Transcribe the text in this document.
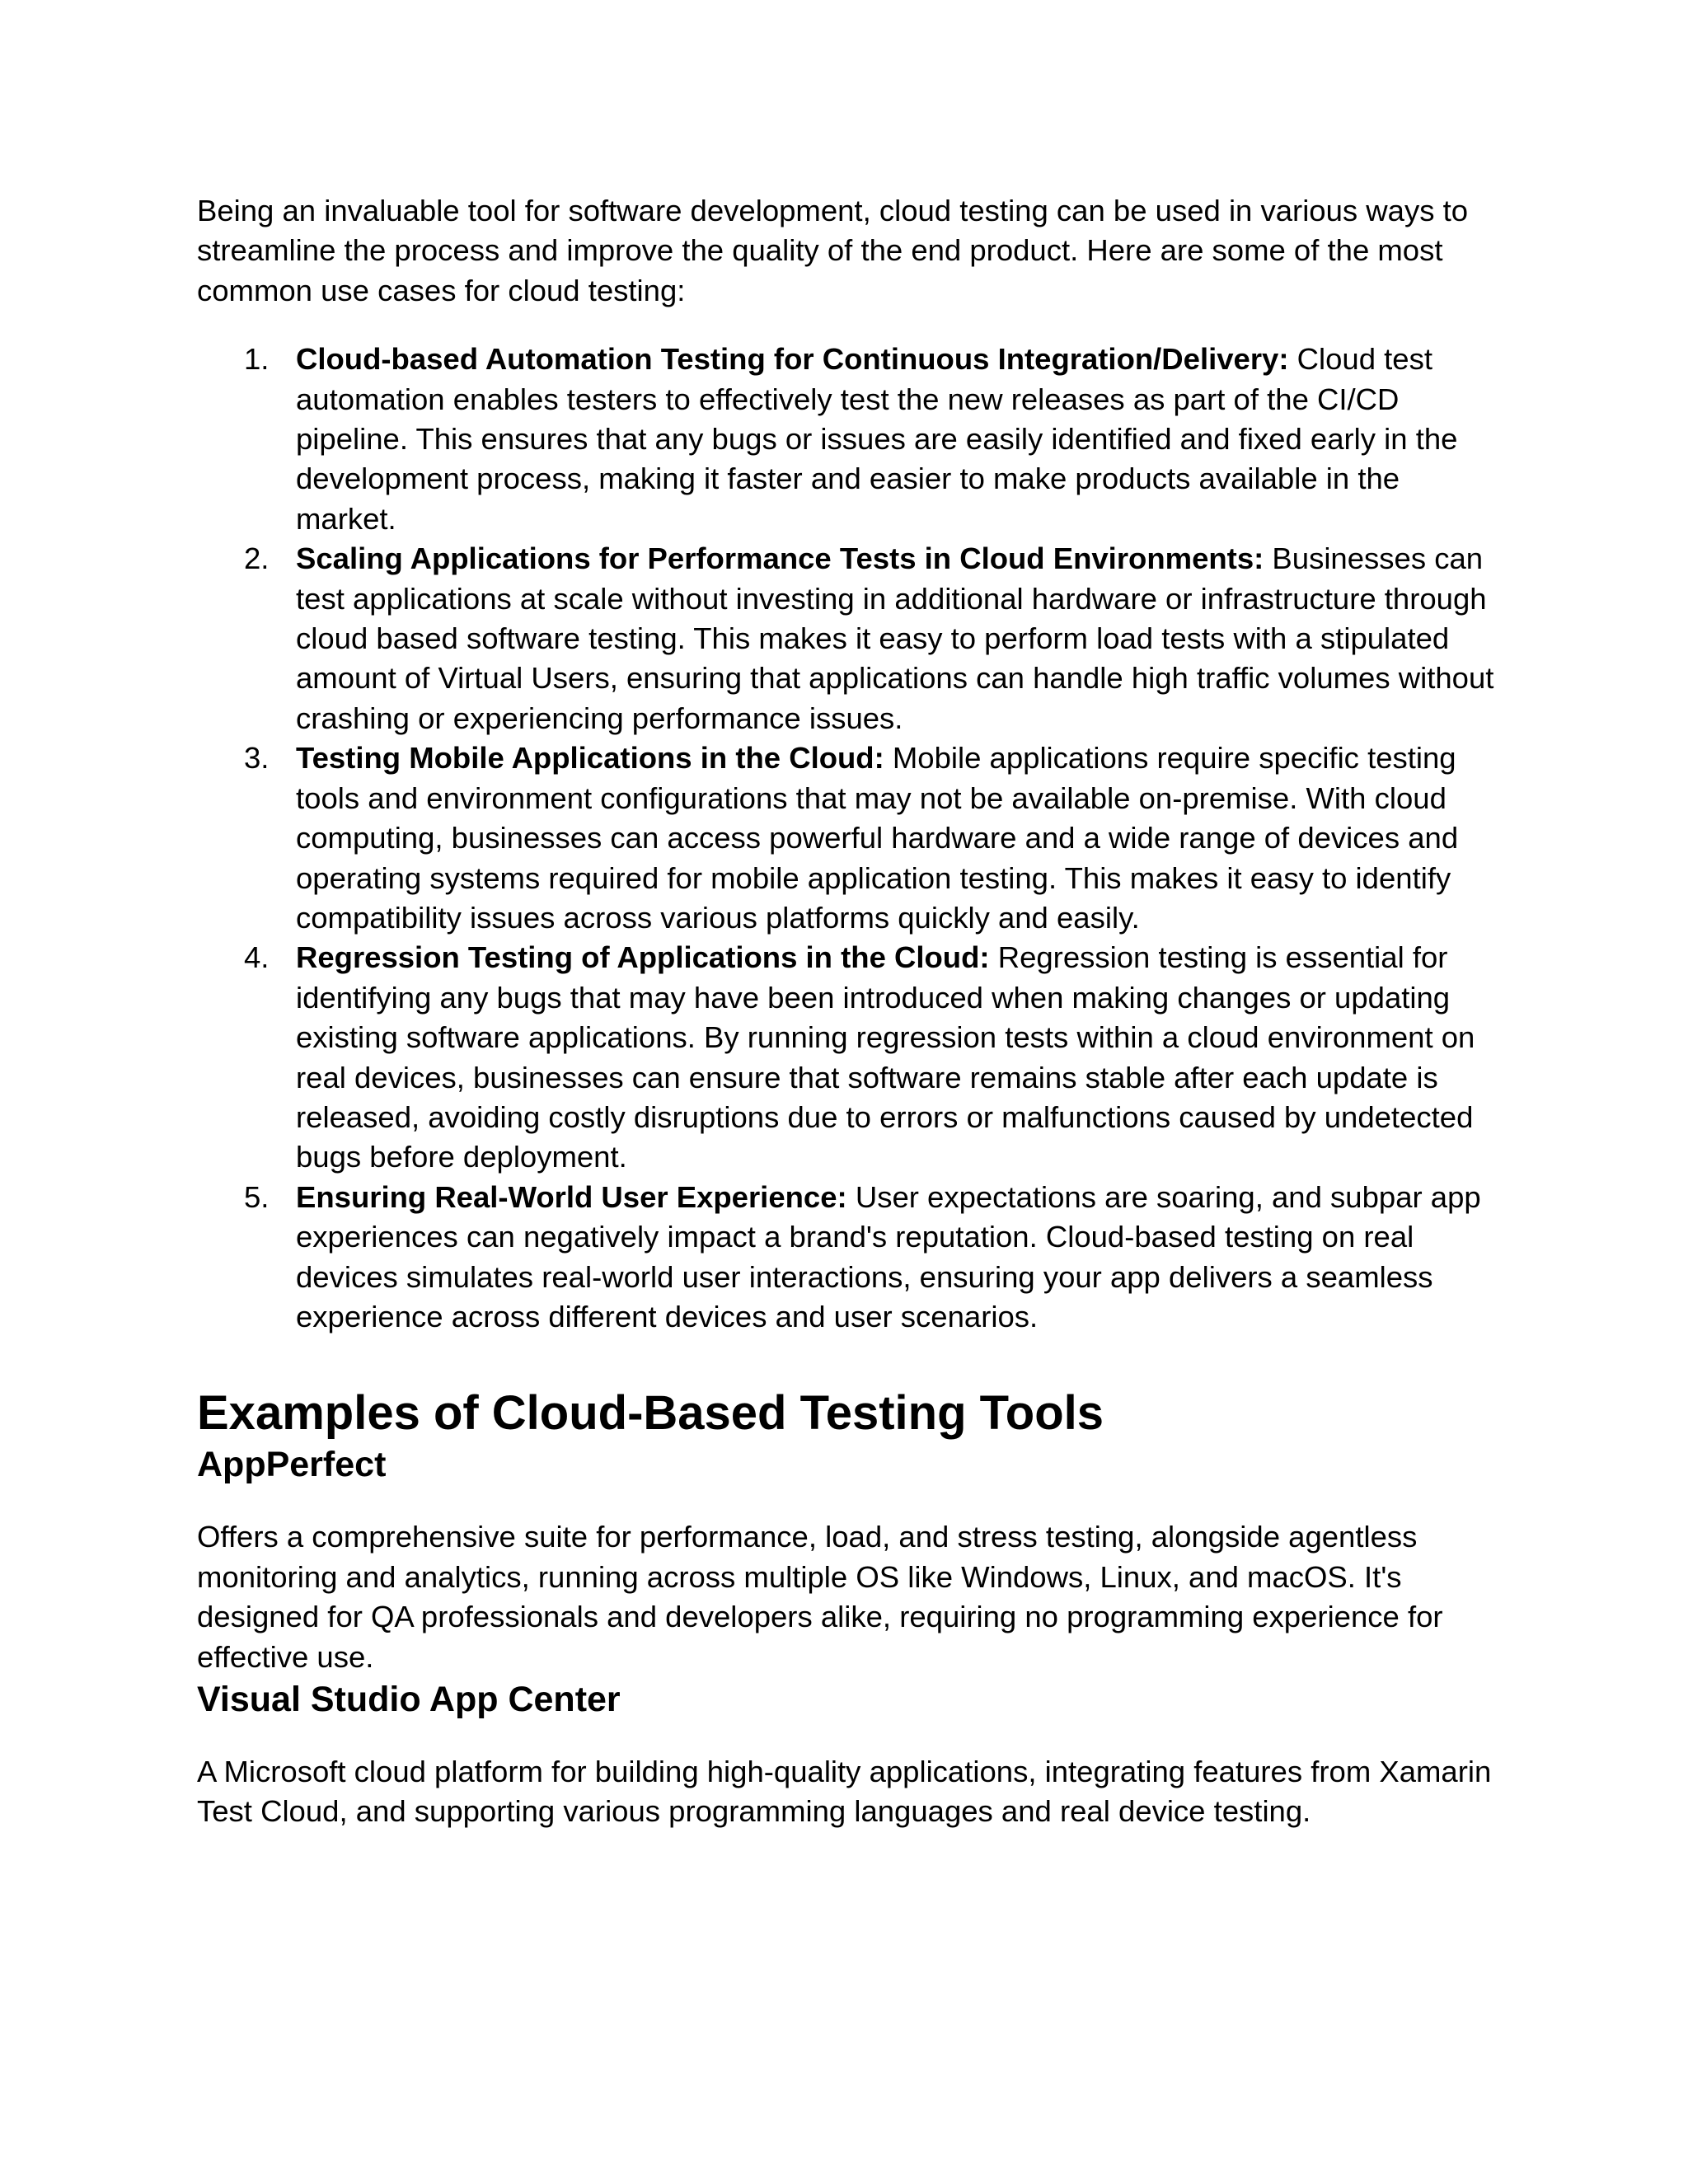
Being an invaluable tool for software development, cloud testing can be used in various ways to streamline the process and improve the quality of the end product. Here are some of the most common use cases for cloud testing:

1. Cloud-based Automation Testing for Continuous Integration/Delivery: Cloud test automation enables testers to effectively test the new releases as part of the CI/CD pipeline. This ensures that any bugs or issues are easily identified and fixed early in the development process, making it faster and easier to make products available in the market.
2. Scaling Applications for Performance Tests in Cloud Environments: Businesses can test applications at scale without investing in additional hardware or infrastructure through cloud based software testing. This makes it easy to perform load tests with a stipulated amount of Virtual Users, ensuring that applications can handle high traffic volumes without crashing or experiencing performance issues.
3. Testing Mobile Applications in the Cloud: Mobile applications require specific testing tools and environment configurations that may not be available on-premise. With cloud computing, businesses can access powerful hardware and a wide range of devices and operating systems required for mobile application testing. This makes it easy to identify compatibility issues across various platforms quickly and easily.
4. Regression Testing of Applications in the Cloud: Regression testing is essential for identifying any bugs that may have been introduced when making changes or updating existing software applications. By running regression tests within a cloud environment on real devices, businesses can ensure that software remains stable after each update is released, avoiding costly disruptions due to errors or malfunctions caused by undetected bugs before deployment.
5. Ensuring Real-World User Experience: User expectations are soaring, and subpar app experiences can negatively impact a brand's reputation. Cloud-based testing on real devices simulates real-world user interactions, ensuring your app delivers a seamless experience across different devices and user scenarios.
Examples of Cloud-Based Testing Tools
AppPerfect

Offers a comprehensive suite for performance, load, and stress testing, alongside agentless monitoring and analytics, running across multiple OS like Windows, Linux, and macOS. It's designed for QA professionals and developers alike, requiring no programming experience for effective use.

Visual Studio App Center

A Microsoft cloud platform for building high-quality applications, integrating features from Xamarin Test Cloud, and supporting various programming languages and real device testing.
